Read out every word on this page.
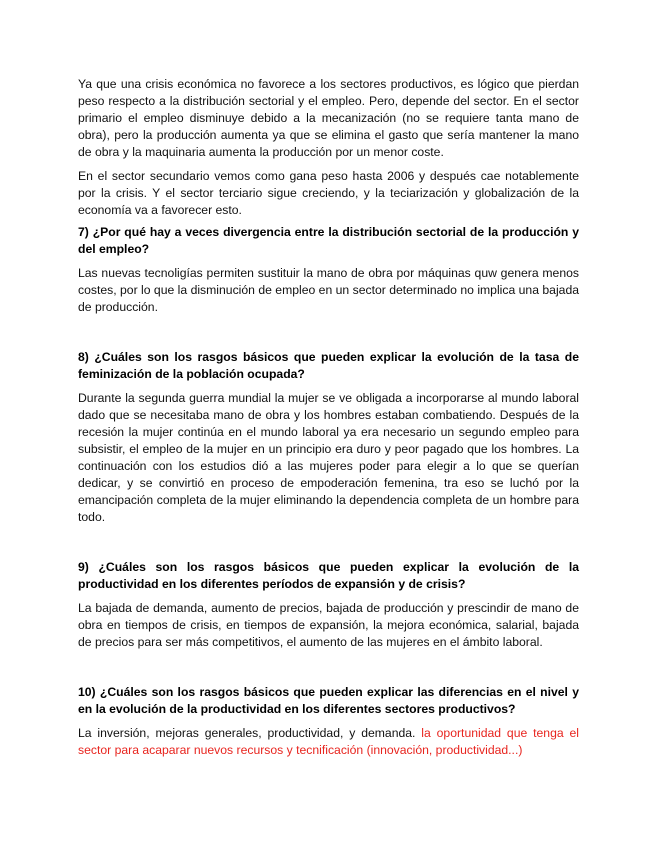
Ya que una crisis económica no favorece a los sectores productivos, es lógico que pierdan peso respecto a la distribución sectorial y el empleo. Pero, depende del sector. En el sector primario el empleo disminuye debido a la mecanización (no se requiere tanta mano de obra), pero la producción aumenta ya que se elimina el gasto que sería mantener la mano de obra y la maquinaria aumenta la producción por un menor coste.

En el sector secundario vemos como gana peso hasta 2006 y después cae notablemente por la crisis. Y el sector terciario sigue creciendo, y la teciarización y globalización de la economía va a favorecer esto.

7) ¿Por qué hay a veces divergencia entre la distribución sectorial de la producción y del empleo?

Las nuevas tecnoligías permiten sustituir la mano de obra por máquinas quw genera menos costes, por lo que la disminución de empleo en un sector determinado no implica una bajada de producción.

8) ¿Cuáles son los rasgos básicos que pueden explicar la evolución de la tasa de feminización de la población ocupada?

Durante la segunda guerra mundial la mujer se ve obligada a incorporarse al mundo laboral dado que se necesitaba mano de obra y los hombres estaban combatiendo. Después de la recesión la mujer continúa en el mundo laboral ya era necesario un segundo empleo para subsistir, el empleo de la mujer en un principio era duro y peor pagado que los hombres. La continuación con los estudios dió a las mujeres poder para elegir a lo que se querían dedicar, y se convirtió en proceso de empoderación femenina, tra eso se luchó por la emancipación completa de la mujer eliminando la dependencia completa de un hombre para todo.

9) ¿Cuáles son los rasgos básicos que pueden explicar la evolución de la productividad en los diferentes períodos de expansión y de crisis?

La bajada de demanda, aumento de precios, bajada de producción y prescindir de mano de obra en tiempos de crisis, en tiempos de expansión, la mejora económica, salarial, bajada de precios para ser más competitivos, el aumento de las mujeres en el ámbito laboral.

10) ¿Cuáles son los rasgos básicos que pueden explicar las diferencias en el nivel y en la evolución de la productividad en los diferentes sectores productivos?

La inversión, mejoras generales, productividad, y demanda. la oportunidad que tenga el sector para acaparar nuevos recursos y tecnificación (innovación, productividad...)
